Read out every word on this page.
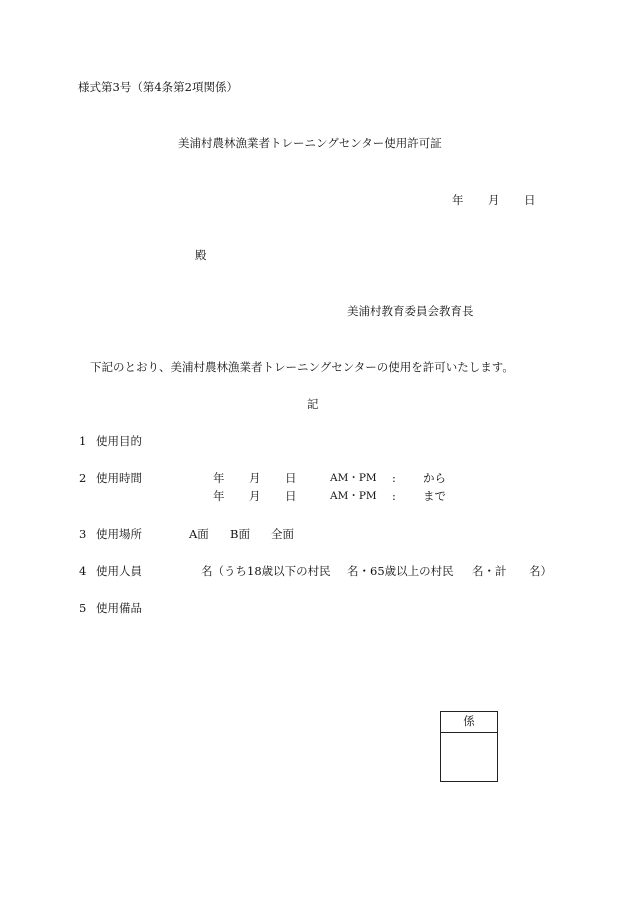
様式第3号（第4条第2項関係）
美浦村農林漁業者トレーニングセンター使用許可証
年 月 日
殿
美浦村教育委員会教育長
下記のとおり、美浦村農林漁業者トレーニングセンターの使用を許可いたします。
記
1 使用目的
2 使用時間	年 月 日	AM・PM : から
年 月 日	AM・PM : まで
3 使用場所	A面 B面 全面
4 使用人員	名（うち18歳以下の村民 名・65歳以上の村民 名・計 名）
5 使用備品
係
